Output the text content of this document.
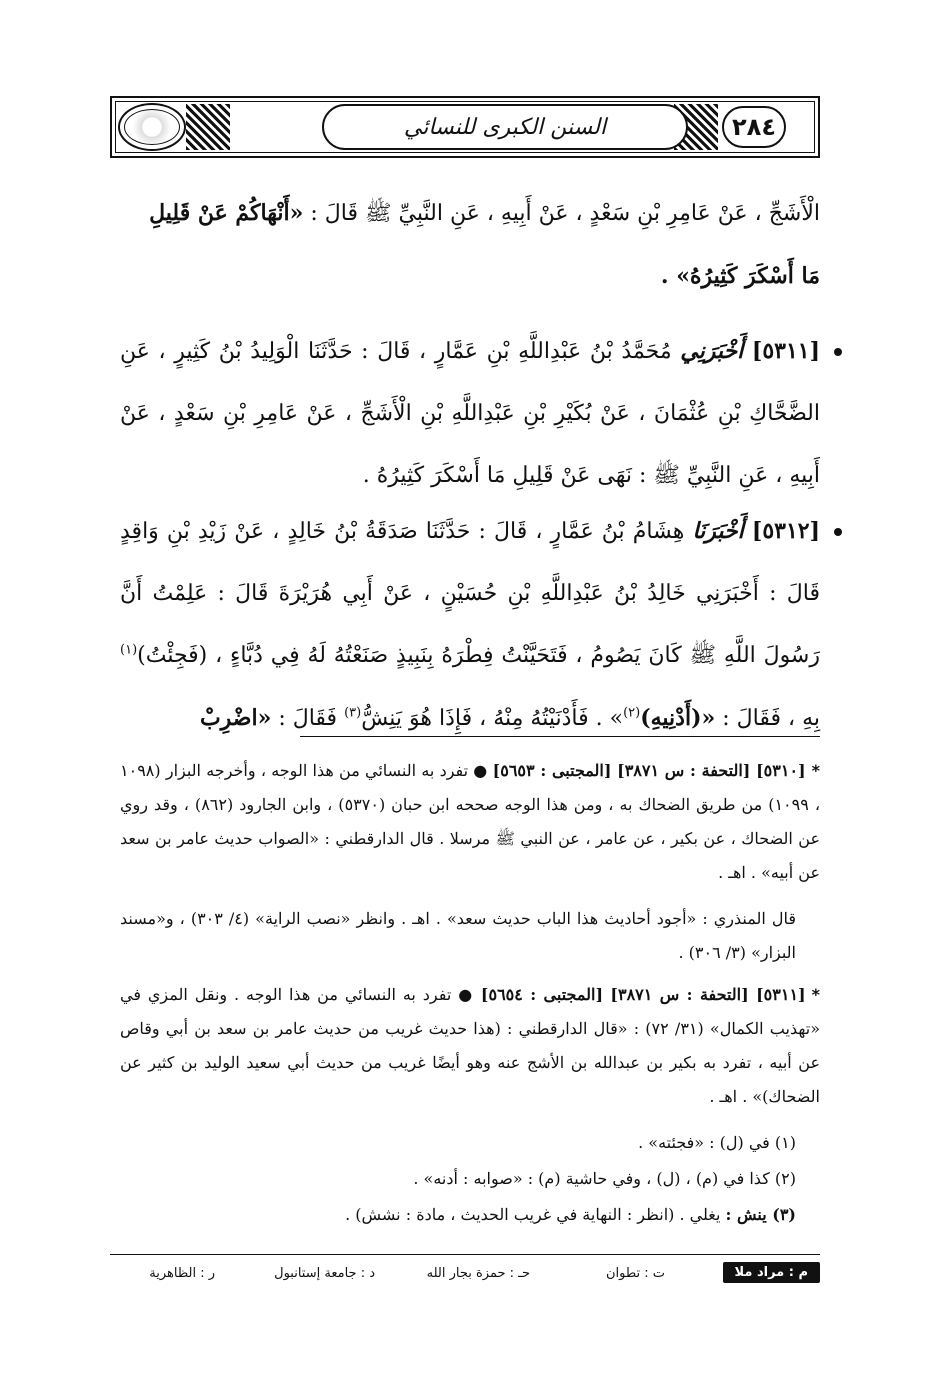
السنن الكبرى للنسائي	٢٨٤

الْأَشَجِّ ، عَنْ عَامِرِ بْنِ سَعْدٍ ، عَنْ أَبِيهِ ، عَنِ النَّبِيِّ ﷺ قَالَ : «أَنْهَاكُمْ عَنْ قَلِيلِ
مَا أَسْكَرَ كَثِيرُهُ» .

[٥٣١١] أَخْبَرَنِي مُحَمَّدُ بْنُ عَبْدِاللَّهِ بْنِ عَمَّارٍ ، قَالَ : حَدَّثَنَا الْوَلِيدُ بْنُ كَثِيرٍ ، عَنِ الضَّحَّاكِ بْنِ عُثْمَانَ ، عَنْ بُكَيْرِ بْنِ عَبْدِاللَّهِ بْنِ الْأَشَجِّ ، عَنْ عَامِرِ بْنِ سَعْدٍ ، عَنْ أَبِيهِ ، عَنِ النَّبِيِّ ﷺ : نَهَى عَنْ قَلِيلِ مَا أَسْكَرَ كَثِيرُهُ .

[٥٣١٢] أَخْبَرَنَا هِشَامُ بْنُ عَمَّارٍ ، قَالَ : حَدَّثَنَا صَدَقَةُ بْنُ خَالِدٍ ، عَنْ زَيْدِ بْنِ وَاقِدٍ قَالَ : أَخْبَرَنِي خَالِدُ بْنُ عَبْدِاللَّهِ بْنِ حُسَيْنٍ ، عَنْ أَبِي هُرَيْرَةَ قَالَ : عَلِمْتُ أَنَّ رَسُولَ اللَّهِ ﷺ كَانَ يَصُومُ ، فَتَحَيَّنْتُ فِطْرَهُ بِنَبِيذٍ صَنَعْتُهُ لَهُ فِي دُبَّاءٍ ، (فَجِئْتُ)$^{(١)}$ بِهِ ، فَقَالَ : «(أَدْنِيهِ)$^{(٢)}$» . فَأَدْنَيْتُهُ مِنْهُ ، فَإِذَا هُوَ يَنِشُّ$^{(٣)}$ فَقَالَ : «اضْرِبْ

*[٥٣١٠] [التحفة : س ٣٨٧١] [المجتبى : ٥٦٥٣] ● تفرد به النسائي من هذا الوجه ، وأخرجه البزار (١٠٩٨ ، ١٠٩٩) من طريق الضحاك به ، ومن هذا الوجه صححه ابن حبان (٥٣٧٠) ، وابن الجارود (٨٦٢) ، وقد روي عن الضحاك ، عن بكير ، عن عامر ، عن النبي ﷺ مرسلا . قال الدارقطني : «الصواب حديث عامر بن سعد عن أبيه» . اهـ .

قال المنذري : «أجود أحاديث هذا الباب حديث سعد» . اهـ . وانظر «نصب الراية» (٤/ ٣٠٣) ، و«مسند البزار» (٣/ ٣٠٦) .

*[٥٣١١] [التحفة : س ٣٨٧١] [المجتبى : ٥٦٥٤] ● تفرد به النسائي من هذا الوجه . ونقل المزي في «تهذيب الكمال» (٣١/ ٧٢) : «قال الدارقطني : (هذا حديث غريب من حديث عامر بن سعد بن أبي وقاص عن أبيه ، تفرد به بكير بن عبدالله بن الأشج عنه وهو أيضًا غريب من حديث أبي سعيد الوليد بن كثير عن الضحاك)» . اهـ .

(١) في (ل) : «فجئته» .

(٢) كذا في (م) ، (ل) ، وفي حاشية (م) : «صوابه : أدنه» .

(٣) ينش : يغلي . (انظر : النهاية في غريب الحديث ، مادة : نشش) .

م : مراد ملا
ت : تطوان
حـ : حمزة بجار الله
د : جامعة إستانبول
ر : الظاهرية
